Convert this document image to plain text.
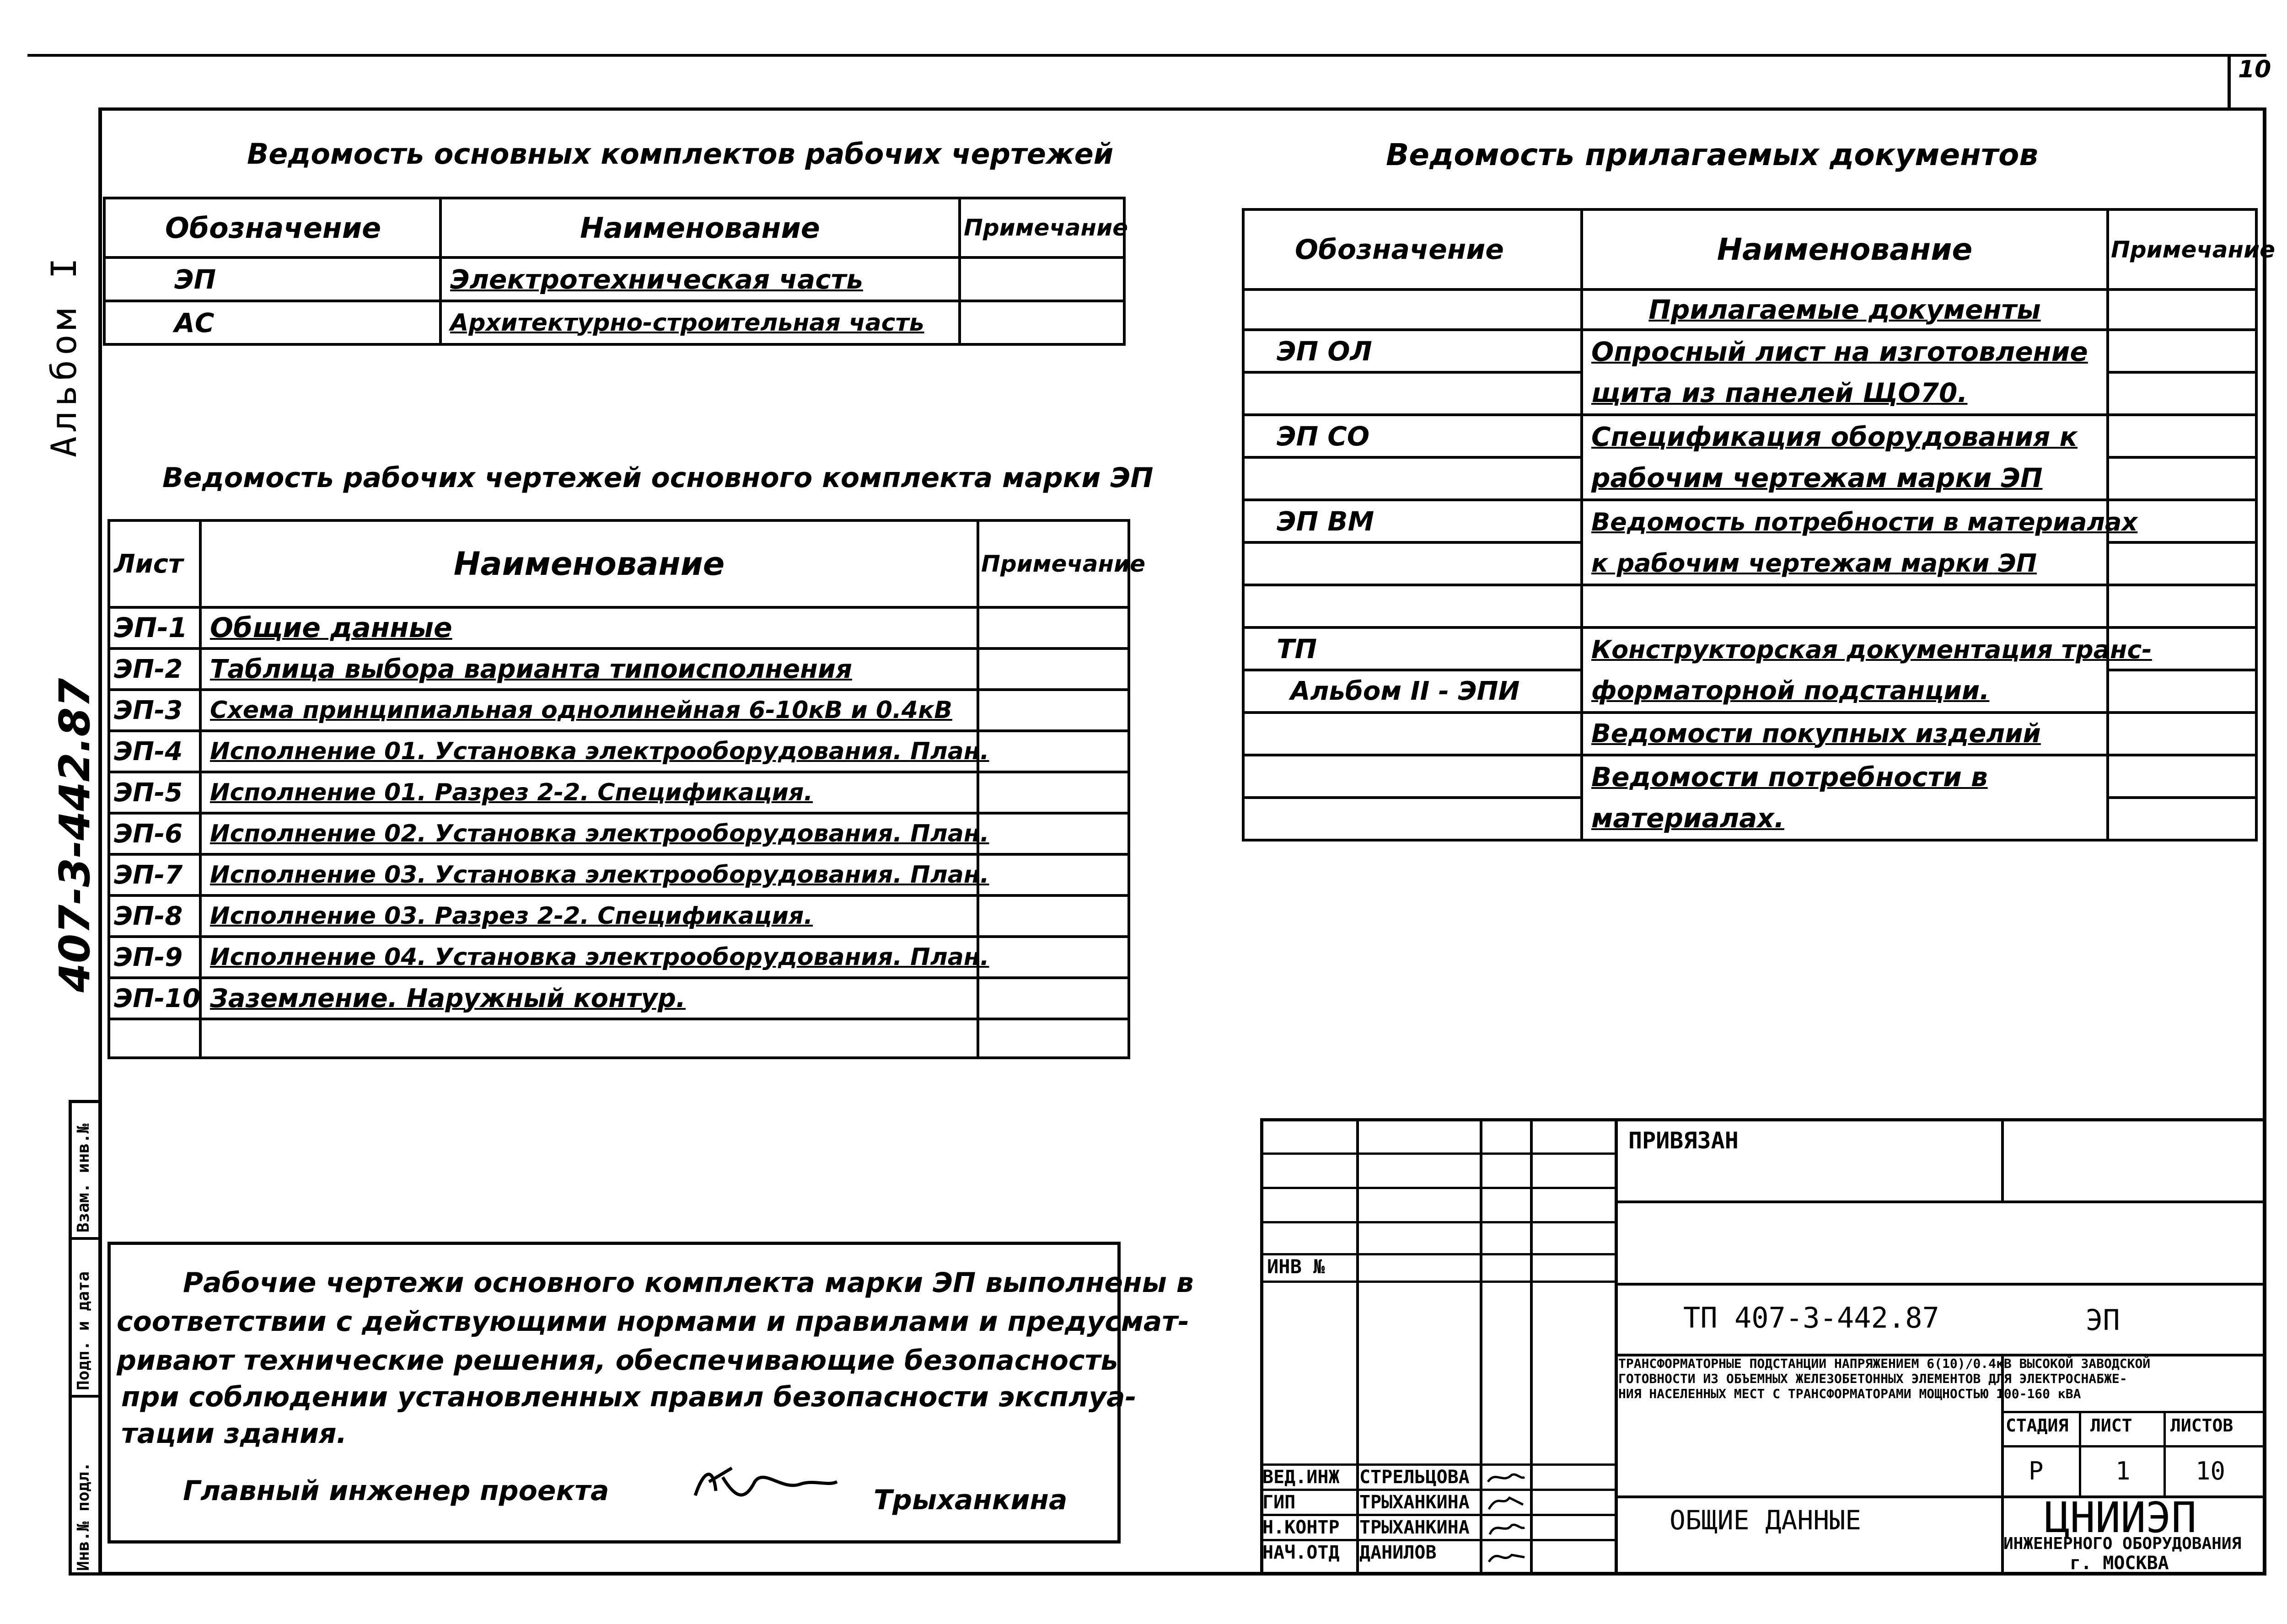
10
Альбом I
407-3-442.87
Инв.№ подл.
Подп. и дата
Взам. инв.№
Ведомость основных комплектов рабочих чертежей
Обозначение	Наименование	Примечание
ЭП	Электротехническая часть	
АС	Архитектурно-строительная часть	
Ведомость рабочих чертежей основного комплекта марки ЭП
Лист	Наименование	Примечание
ЭП-1	Общие данные	
ЭП-2	Таблица выбора варианта типоисполнения	
ЭП-3	Схема принципиальная однолинейная 6-10кВ и 0.4кВ	
ЭП-4	Исполнение 01. Установка электрооборудования. План.	
ЭП-5	Исполнение 01. Разрез 2-2. Спецификация.	
ЭП-6	Исполнение 02. Установка электрооборудования. План.	
ЭП-7	Исполнение 03. Установка электрооборудования. План.	
ЭП-8	Исполнение 03. Разрез 2-2. Спецификация.	
ЭП-9	Исполнение 04. Установка электрооборудования. План.	
ЭП-10	Заземление. Наружный контур.	

Ведомость прилагаемых документов
Обозначение	Наименование	Примечание
	Прилагаемые документы	
ЭП ОЛ	Опросный лист на изготовление	
	щита из панелей ЩО70.	
ЭП СО	Спецификация оборудования к	
	рабочим чертежам марки ЭП	
ЭП ВМ	Ведомость потребности в материалах	
	к рабочим чертежам марки ЭП	

ТП	Конструкторская документация транс-	
Альбом II - ЭПИ	форматорной подстанции.	
	Ведомости покупных изделий	
	Ведомости потребности в	
	материалах.	
Рабочие чертежи основного комплекта марки ЭП выполнены в
соответствии с действующими нормами и правилами и предусмат-
ривают технические решения, обеспечивающие безопасность
при соблюдении установленных правил безопасности эксплуа-
тации здания.
Главный инженер проекта	Трыханкина
ИНВ №
ВЕД.ИНЖ СТРЕЛЬЦОВА
ГИП	ТРЫХАНКИНА
Н.КОНТР ТРЫХАНКИНА
НАЧ.ОТД ДАНИЛОВ
ПРИВЯЗАН
ТП 407-3-442.87	ЭП
ТРАНСФОРМАТОРНЫЕ ПОДСТАНЦИИ НАПРЯЖЕНИЕМ 6(10)/0.4кВ ВЫСОКОЙ ЗАВОДСКОЙ
ГОТОВНОСТИ ИЗ ОБЪЕМНЫХ ЖЕЛЕЗОБЕТОННЫХ ЭЛЕМЕНТОВ ДЛЯ ЭЛЕКТРОСНАБЖЕ-
НИЯ НАСЕЛЕННЫХ МЕСТ С ТРАНСФОРМАТОРАМИ МОЩНОСТЬЮ 100-160 кВА
СТАДИЯ ЛИСТ ЛИСТОВ
Р	1	10
ОБЩИЕ ДАННЫЕ	ЦНИИЭП
ИНЖЕНЕРНОГО ОБОРУДОВАНИЯ
г. МОСКВА
